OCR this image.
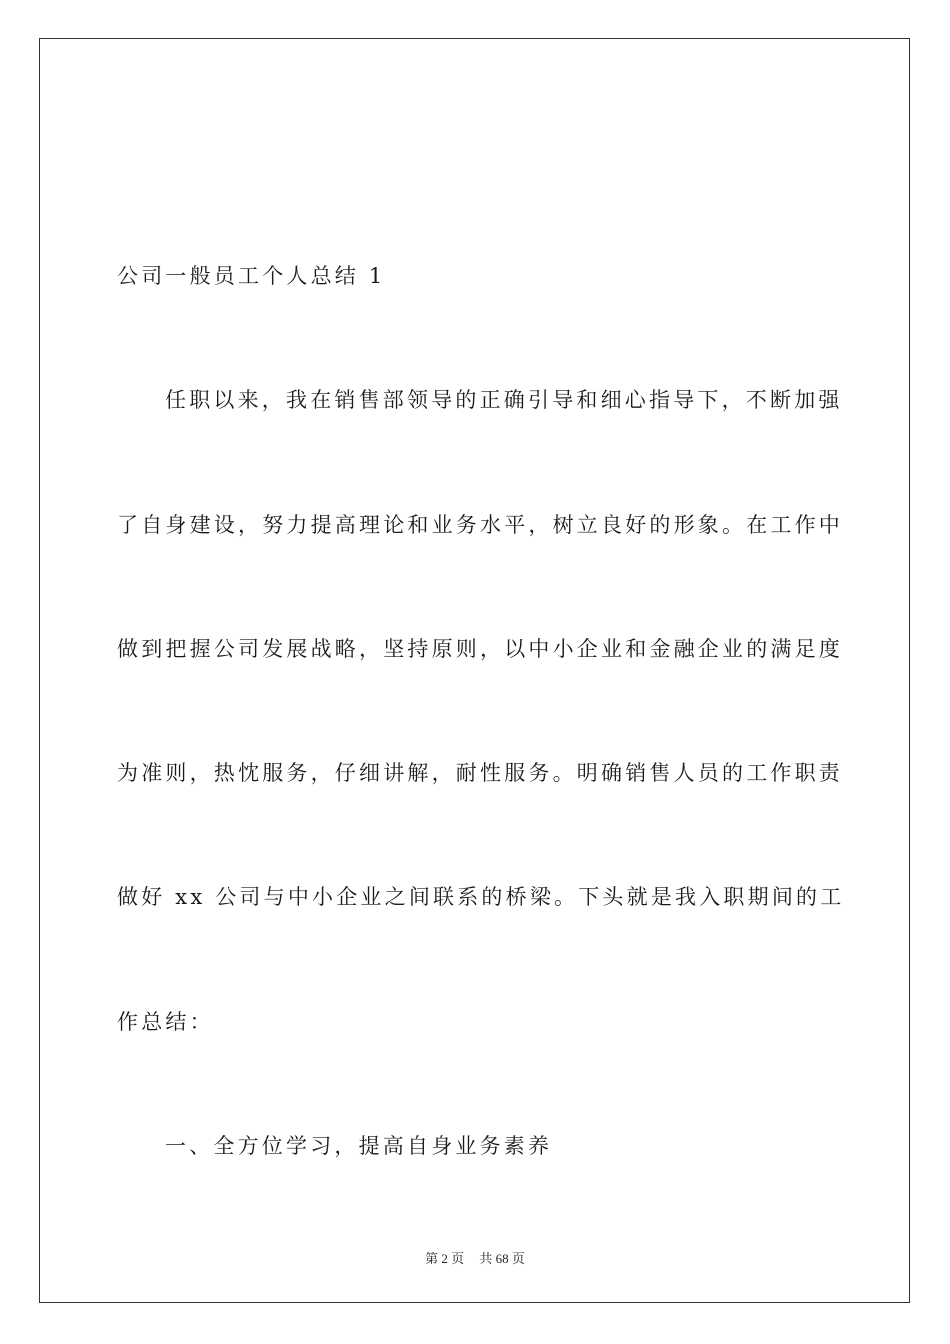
公司一般员工个人总结 1
任职以来，我在销售部领导的正确引导和细心指导下，不断加强
了自身建设，努力提高理论和业务水平，树立良好的形象。在工作中
做到把握公司发展战略，坚持原则，以中小企业和金融企业的满足度
为准则，热忱服务，仔细讲解，耐性服务。明确销售人员的工作职责
做好 xx 公司与中小企业之间联系的桥梁。下头就是我入职期间的工
作总结：
一、全方位学习，提高自身业务素养
第 2 页 共 68 页
